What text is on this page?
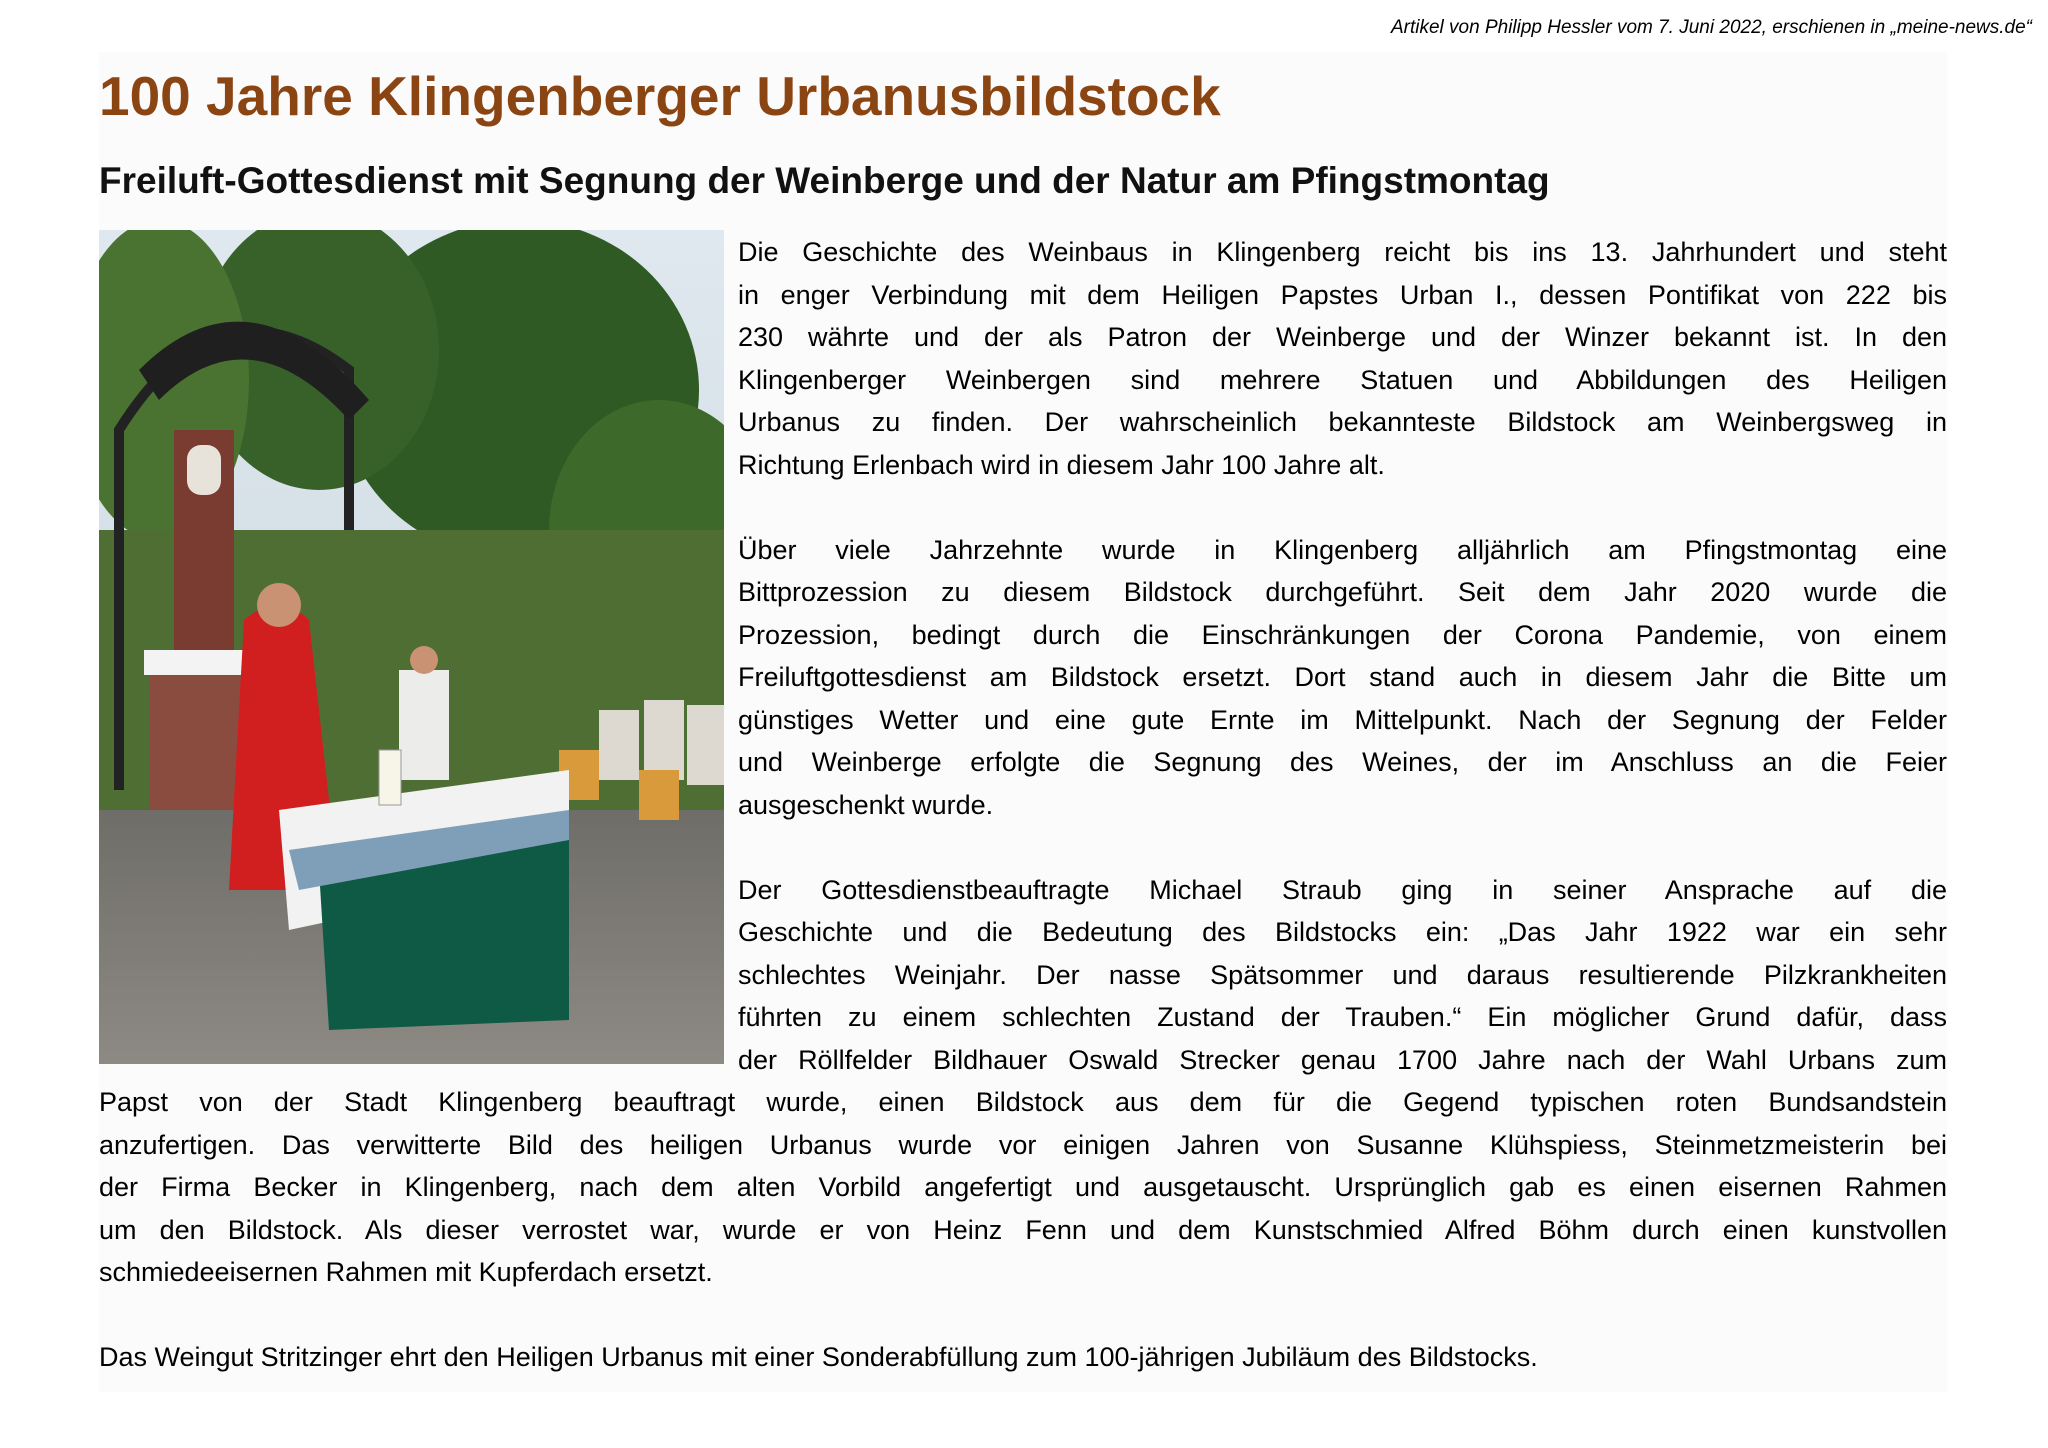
Artikel von Philipp Hessler vom 7. Juni 2022, erschienen in „meine-news.de“
100 Jahre Klingenberger Urbanusbildstock
Freiluft-Gottesdienst mit Segnung der Weinberge und der Natur am Pfingstmontag
Die Geschichte des Weinbaus in Klingenberg reicht bis ins 13. Jahrhundert und steht
in enger Verbindung mit dem Heiligen Papstes Urban I., dessen Pontifikat von 222 bis
230 währte und der als Patron der Weinberge und der Winzer bekannt ist. In den
Klingenberger Weinbergen sind mehrere Statuen und Abbildungen des Heiligen
Urbanus zu finden. Der wahrscheinlich bekannteste Bildstock am Weinbergsweg in
Richtung Erlenbach wird in diesem Jahr 100 Jahre alt.
Über viele Jahrzehnte wurde in Klingenberg alljährlich am Pfingstmontag eine
Bittprozession zu diesem Bildstock durchgeführt. Seit dem Jahr 2020 wurde die
Prozession, bedingt durch die Einschränkungen der Corona Pandemie, von einem
Freiluftgottesdienst am Bildstock ersetzt. Dort stand auch in diesem Jahr die Bitte um
günstiges Wetter und eine gute Ernte im Mittelpunkt. Nach der Segnung der Felder
und Weinberge erfolgte die Segnung des Weines, der im Anschluss an die Feier
ausgeschenkt wurde.
Der Gottesdienstbeauftragte Michael Straub ging in seiner Ansprache auf die
Geschichte und die Bedeutung des Bildstocks ein: „Das Jahr 1922 war ein sehr
schlechtes Weinjahr. Der nasse Spätsommer und daraus resultierende Pilzkrankheiten
führten zu einem schlechten Zustand der Trauben.“ Ein möglicher Grund dafür, dass
der Röllfelder Bildhauer Oswald Strecker genau 1700 Jahre nach der Wahl Urbans zum
Papst von der Stadt Klingenberg beauftragt wurde, einen Bildstock aus dem für die Gegend typischen roten Bundsandstein
anzufertigen. Das verwitterte Bild des heiligen Urbanus wurde vor einigen Jahren von Susanne Klühspiess, Steinmetzmeisterin bei
der Firma Becker in Klingenberg, nach dem alten Vorbild angefertigt und ausgetauscht. Ursprünglich gab es einen eisernen Rahmen
um den Bildstock. Als dieser verrostet war, wurde er von Heinz Fenn und dem Kunstschmied Alfred Böhm durch einen kunstvollen
schmiedeeisernen Rahmen mit Kupferdach ersetzt.
Das Weingut Stritzinger ehrt den Heiligen Urbanus mit einer Sonderabfüllung zum 100-jährigen Jubiläum des Bildstocks.
